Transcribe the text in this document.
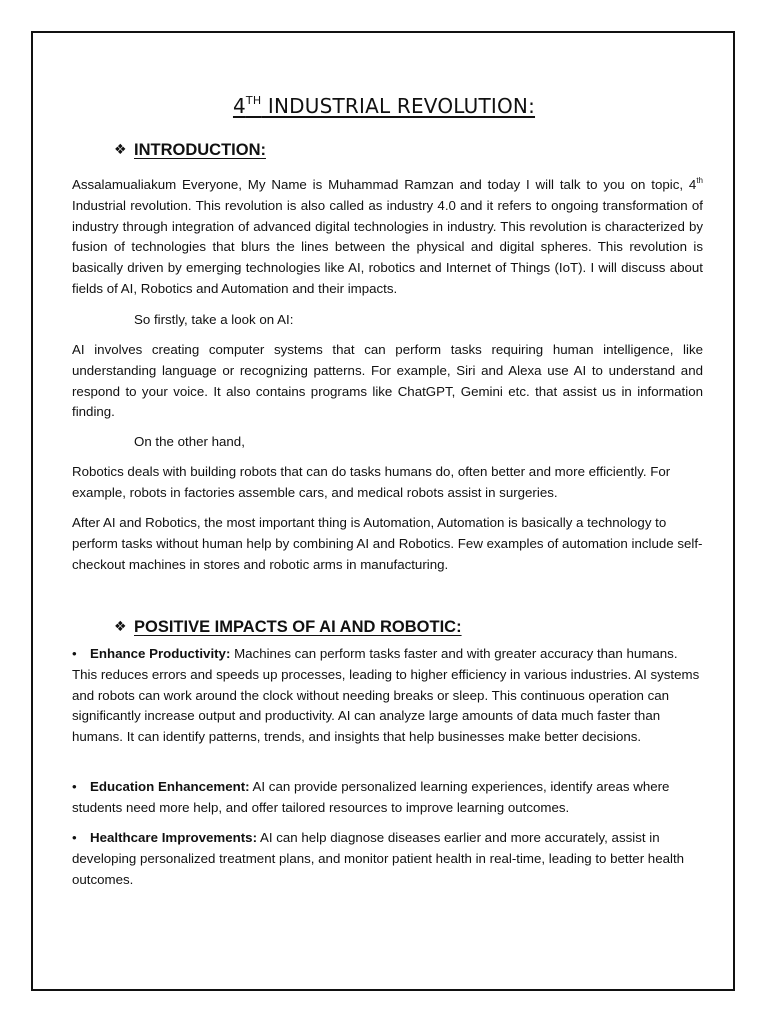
4TH INDUSTRIAL REVOLUTION:
❖ INTRODUCTION:

Assalamualiakum Everyone, My Name is Muhammad Ramzan and today I will talk to you on topic, 4th Industrial revolution. This revolution is also called as industry 4.0 and it refers to ongoing transformation of industry through integration of advanced digital technologies in industry. This revolution is characterized by fusion of technologies that blurs the lines between the physical and digital spheres. This revolution is basically driven by emerging technologies like AI, robotics and Internet of Things (IoT). I will discuss about fields of AI, Robotics and Automation and their impacts.

So firstly, take a look on AI:

AI involves creating computer systems that can perform tasks requiring human intelligence, like understanding language or recognizing patterns. For example, Siri and Alexa use AI to understand and respond to your voice. It also contains programs like ChatGPT, Gemini etc. that assist us in information finding.

On the other hand,

Robotics deals with building robots that can do tasks humans do, often better and more efficiently. For example, robots in factories assemble cars, and medical robots assist in surgeries.

After AI and Robotics, the most important thing is Automation, Automation is basically a technology to perform tasks without human help by combining AI and Robotics. Few examples of automation include self-checkout machines in stores and robotic arms in manufacturing.

❖ POSITIVE IMPACTS OF AI AND ROBOTIC:

• Enhance Productivity: Machines can perform tasks faster and with greater accuracy than humans. This reduces errors and speeds up processes, leading to higher efficiency in various industries. AI systems and robots can work around the clock without needing breaks or sleep. This continuous operation can significantly increase output and productivity. AI can analyze large amounts of data much faster than humans. It can identify patterns, trends, and insights that help businesses make better decisions.

• Education Enhancement: AI can provide personalized learning experiences, identify areas where students need more help, and offer tailored resources to improve learning outcomes.

• Healthcare Improvements: AI can help diagnose diseases earlier and more accurately, assist in developing personalized treatment plans, and monitor patient health in real-time, leading to better health outcomes.
